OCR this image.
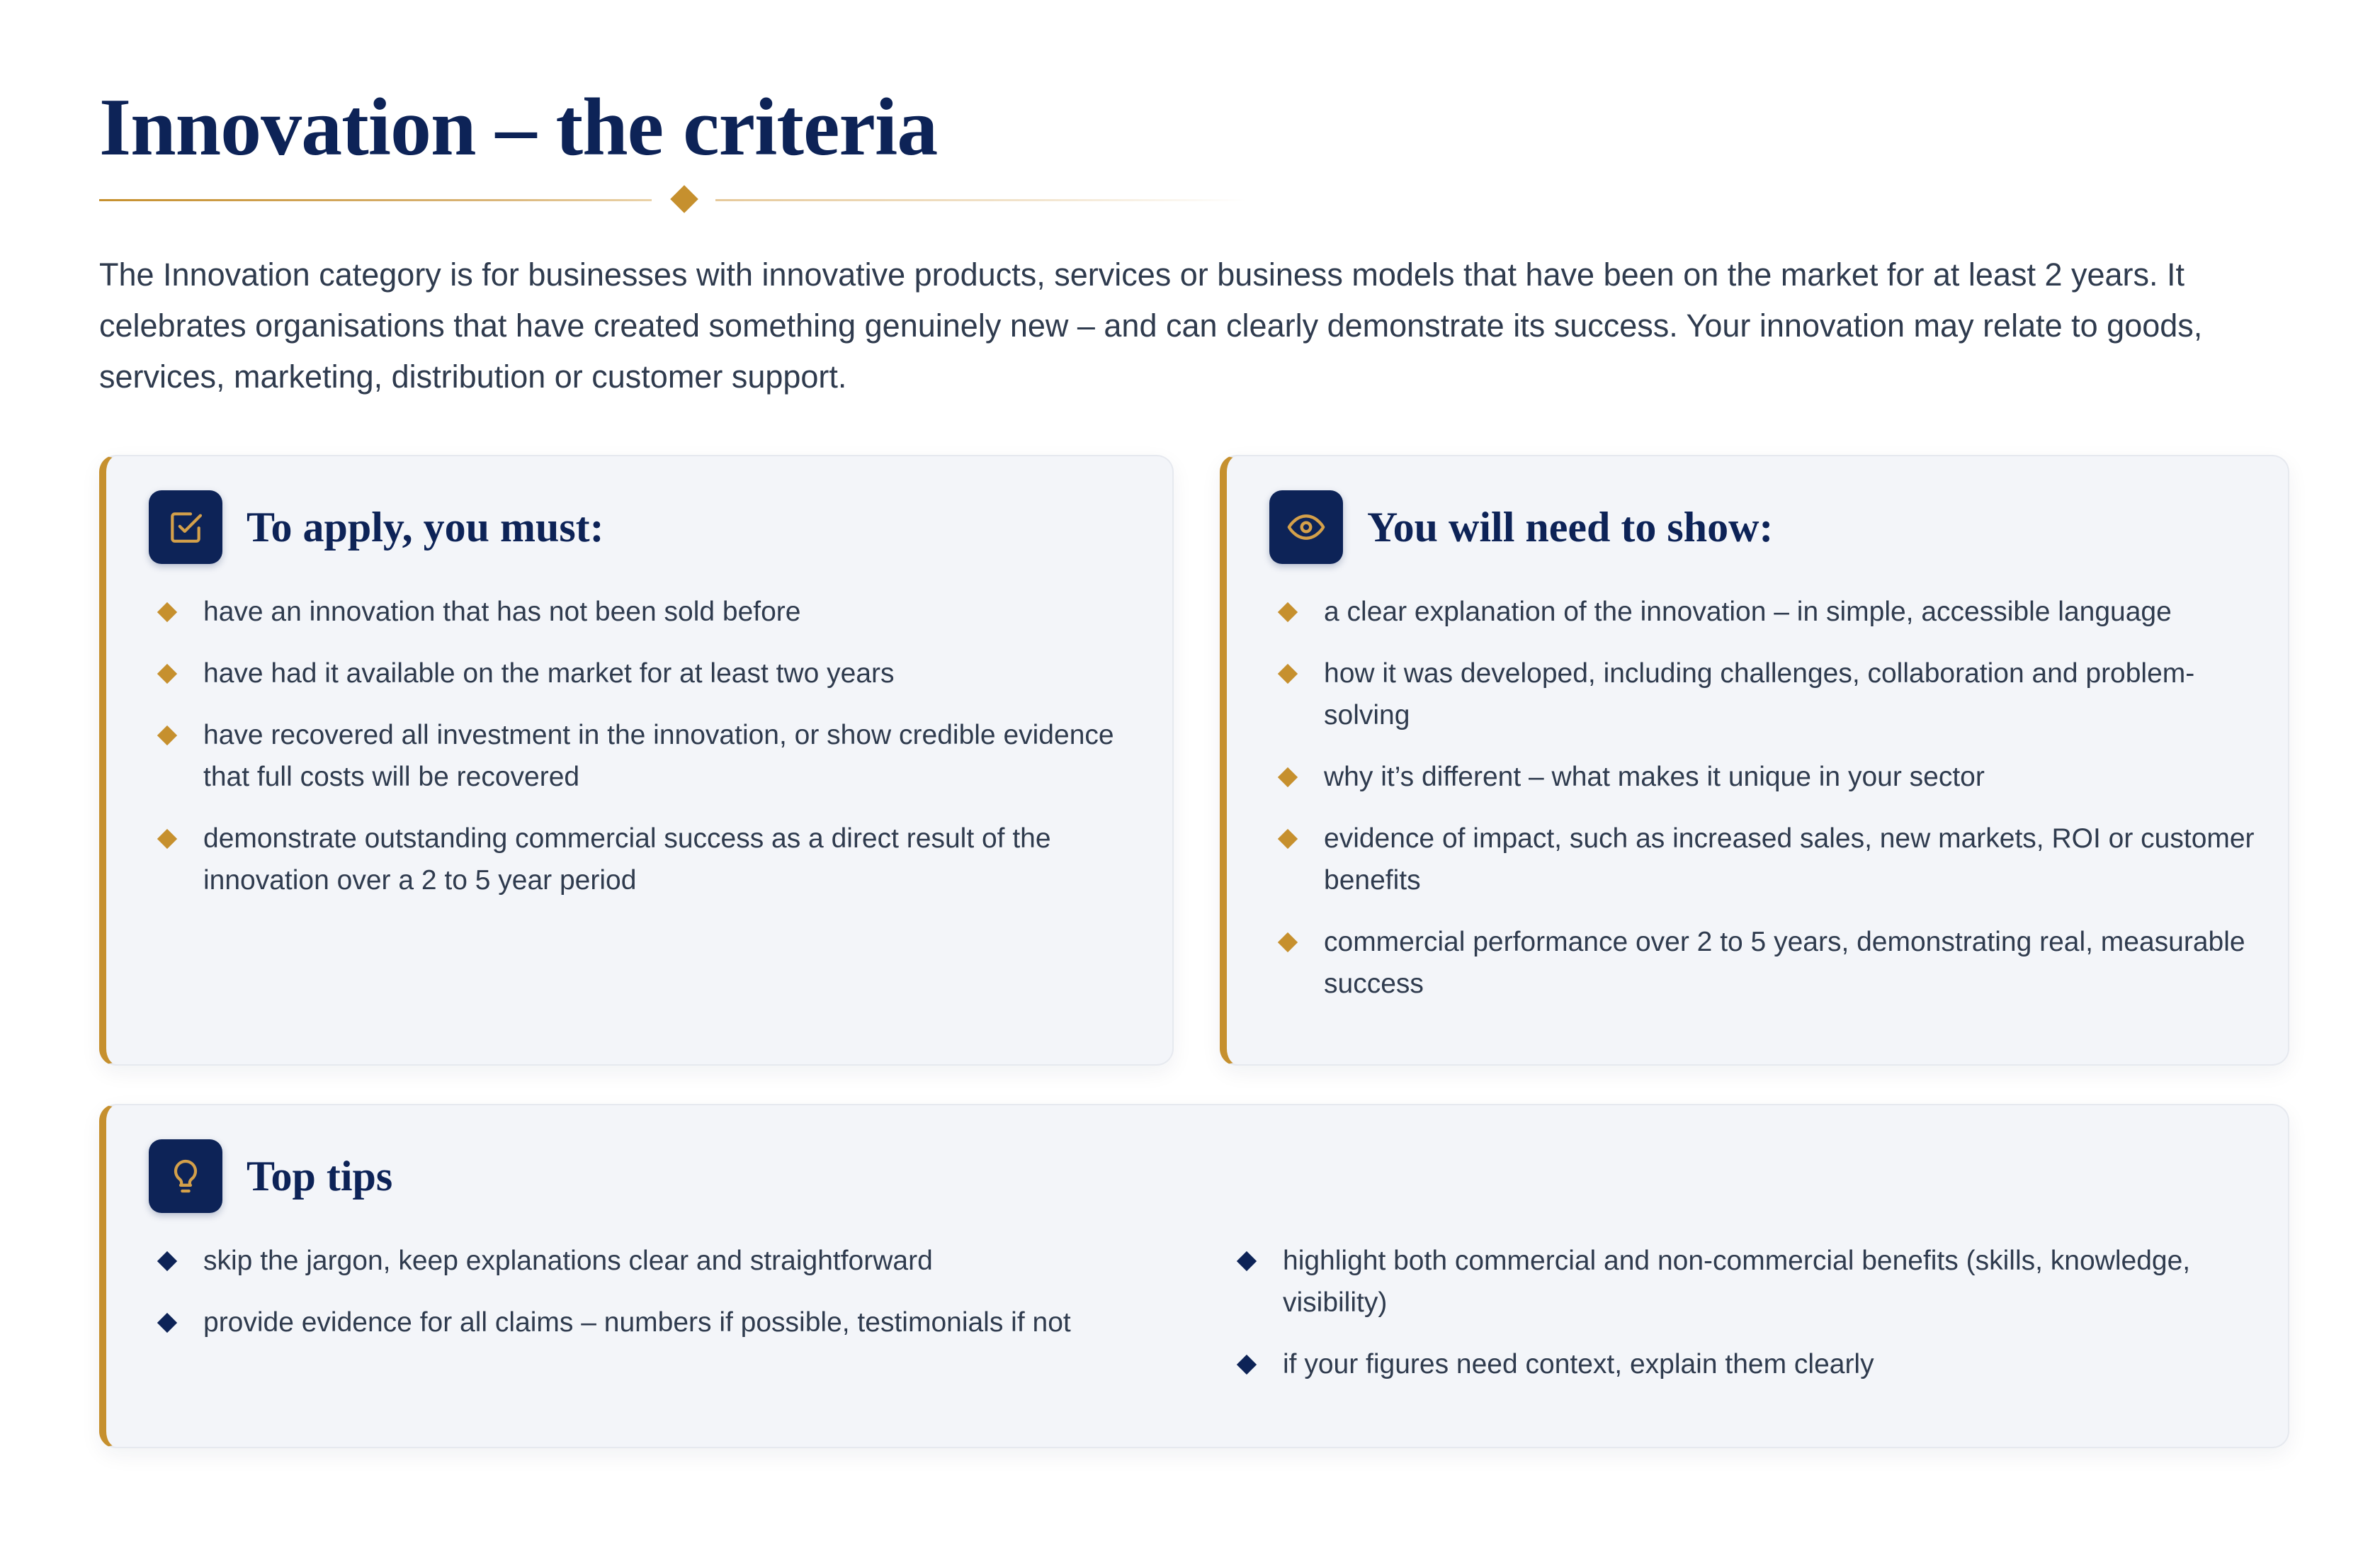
Innovation – the criteria

The Innovation category is for businesses with innovative products, services or business models that have been on the market for at least 2 years. It celebrates organisations that have created something genuinely new – and can clearly demonstrate its success. Your innovation may relate to goods, services, marketing, distribution or customer support.

To apply, you must:
have an innovation that has not been sold before
have had it available on the market for at least two years
have recovered all investment in the innovation, or show credible evidence that full costs will be recovered
demonstrate outstanding commercial success as a direct result of the innovation over a 2 to 5 year period
You will need to show:
a clear explanation of the innovation – in simple, accessible language
how it was developed, including challenges, collaboration and problem-solving
why it’s different – what makes it unique in your sector
evidence of impact, such as increased sales, new markets, ROI or customer benefits
commercial performance over 2 to 5 years, demonstrating real, measurable success
Top tips
skip the jargon, keep explanations clear and straightforward
provide evidence for all claims – numbers if possible, testimonials if not
highlight both commercial and non-commercial benefits (skills, knowledge, visibility)
if your figures need context, explain them clearly
